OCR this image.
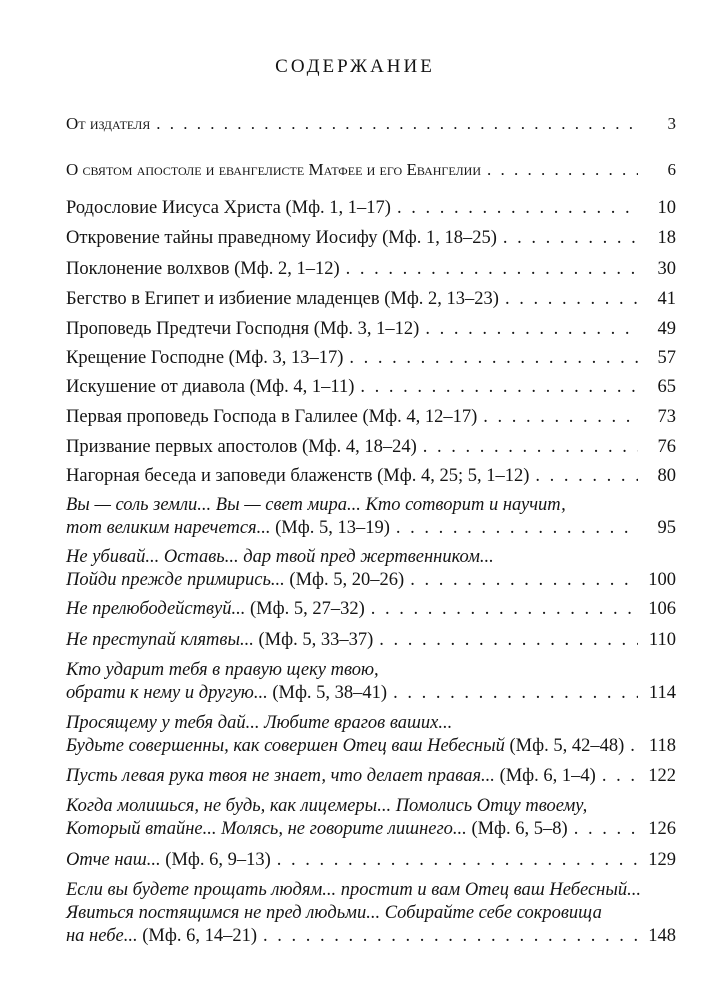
СОДЕРЖАНИЕ
От издателя . . .	3
О святом апостоле и евангелисте Матфее и его Евангелии . . .	6
Родословие Иисуса Христа (Мф. 1, 1–17) . . .	10
Откровение тайны праведному Иосифу (Мф. 1, 18–25) . . .	18
Поклонение волхвов (Мф. 2, 1–12) . . .	30
Бегство в Египет и избиение младенцев (Мф. 2, 13–23) . . .	41
Проповедь Предтечи Господня (Мф. 3, 1–12) . . .	49
Крещение Господне (Мф. 3, 13–17) . . .	57
Искушение от диавола (Мф. 4, 1–11) . . .	65
Первая проповедь Господа в Галилее (Мф. 4, 12–17) . . .	73
Призвание первых апостолов (Мф. 4, 18–24) . . .	76
Нагорная беседа и заповеди блаженств (Мф. 4, 25; 5, 1–12) . . .	80
Вы — соль земли... Вы — свет мира... Кто сотворит и научит,
тот великим наречется... (Мф. 5, 13–19) . . .	95
Не убивай... Оставь... дар твой пред жертвенником...
Пойди прежде примирись... (Мф. 5, 20–26) . . .	100
Не прелюбодействуй... (Мф. 5, 27–32) . . .	106
Не преступай клятвы... (Мф. 5, 33–37) . . .	110
Кто ударит тебя в правую щеку твою,
обрати к нему и другую... (Мф. 5, 38–41) . . .	114
Просящему у тебя дай... Любите врагов ваших...
Будьте совершенны, как совершен Отец ваш Небесный (Мф. 5, 42–48) . . . 118
Пусть левая рука твоя не знает, что делает правая... (Мф. 6, 1–4) . . .	122
Когда молишься, не будь, как лицемеры... Помолись Отцу твоему,
Который втайне... Молясь, не говорите лишнего... (Мф. 6, 5–8) . . .	126
Отче наш... (Мф. 6, 9–13) . . .	129
Если вы будете прощать людям... простит и вам Отец ваш Небесный...
Явиться постящимся не пред людьми... Собирайте себе сокровища
на небе... (Мф. 6, 14–21) . . .	148
